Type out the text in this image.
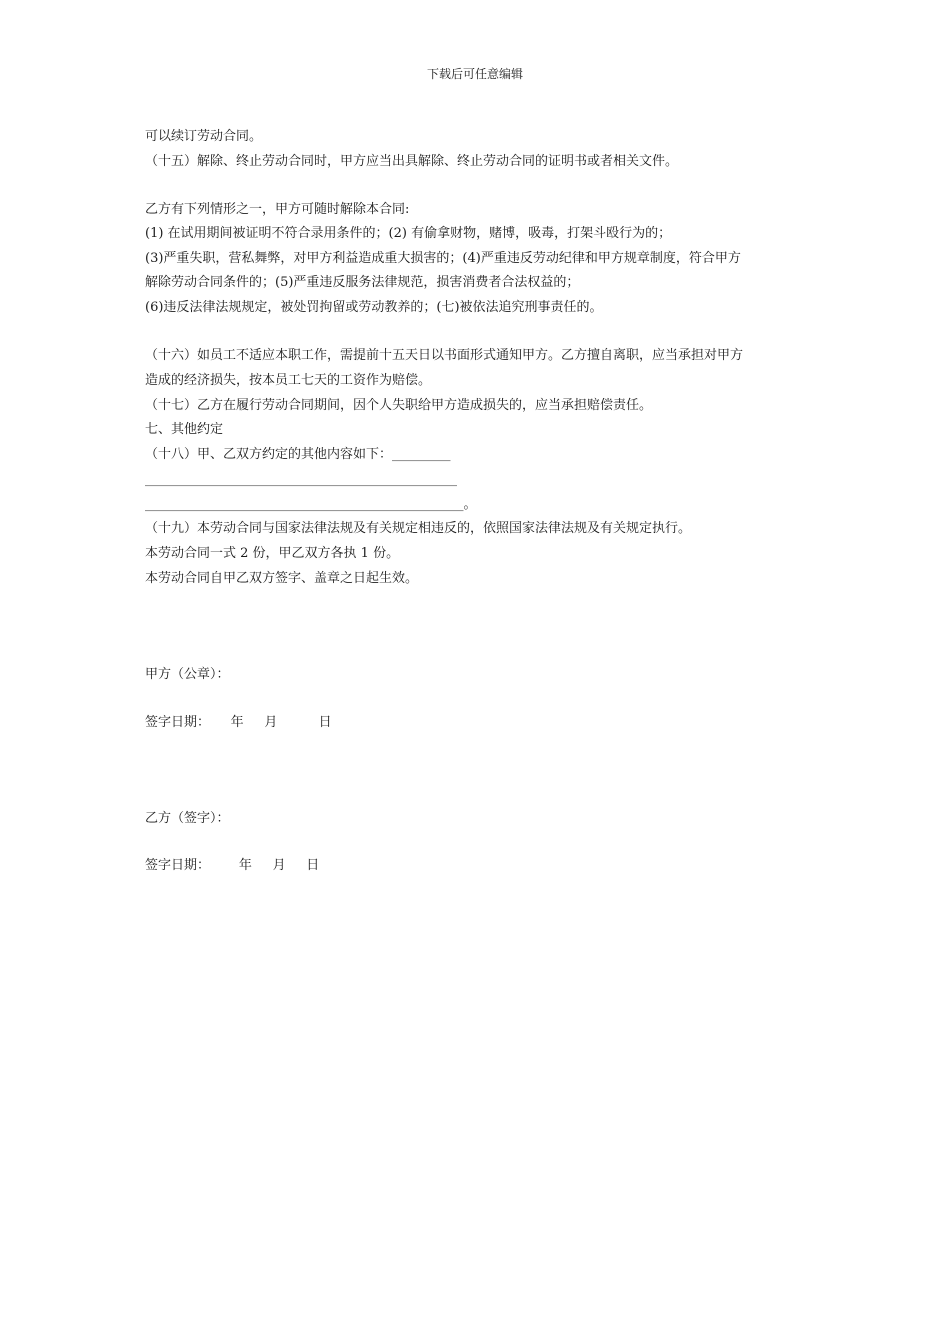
下载后可任意编辑
可以续订劳动合同。
（十五）解除、终止劳动合同时，甲方应当出具解除、终止劳动合同的证明书或者相关文件。
乙方有下列情形之一，甲方可随时解除本合同:
(1) 在试用期间被证明不符合录用条件的；(2) 有偷拿财物，赌博，吸毒，打架斗殴行为的；
(3)严重失职，营私舞弊，对甲方利益造成重大损害的；(4)严重违反劳动纪律和甲方规章制度，符合甲方
解除劳动合同条件的；(5)严重违反服务法律规范，损害消费者合法权益的；
(6)违反法律法规规定，被处罚拘留或劳动教养的；(七)被依法追究刑事责任的。
（十六）如员工不适应本职工作，需提前十五天日以书面形式通知甲方。乙方擅自离职，应当承担对甲方
造成的经济损失，按本员工七天的工资作为赔偿。
（十七）乙方在履行劳动合同期间，因个人失职给甲方造成损失的，应当承担赔偿责任。
七、其他约定
（十八）甲、乙双方约定的其他内容如下：_________
________________________________________________
_________________________________________________。
（十九）本劳动合同与国家法律法规及有关规定相违反的，依照国家法律法规及有关规定执行。
本劳动合同一式 2 份，甲乙双方各执 1 份。
本劳动合同自甲乙双方签字、盖章之日起生效。
甲方（公章）：
签字日期：     年     月          日
乙方（签字）：
签字日期：       年     月     日
